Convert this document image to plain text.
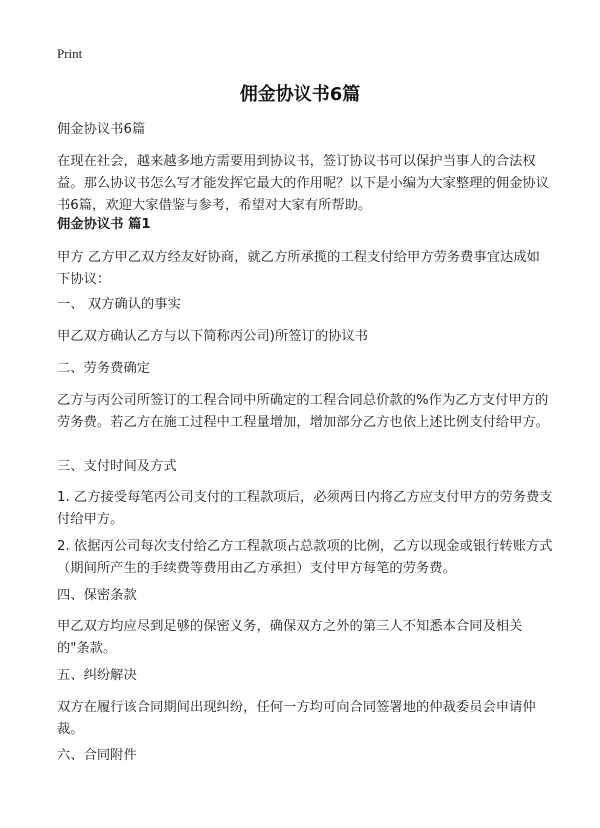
Print
佣金协议书6篇

佣金协议书6篇

在现在社会，越来越多地方需要用到协议书，签订协议书可以保护当事人的合法权益。那么协议书怎么写才能发挥它最大的作用呢？以下是小编为大家整理的佣金协议书6篇，欢迎大家借鉴与参考，希望对大家有所帮助。

佣金协议书 篇1

甲方 乙方甲乙双方经友好协商，就乙方所承揽的工程支付给甲方劳务费事宜达成如下协议：

一、 双方确认的事实

甲乙双方确认乙方与以下简称丙公司)所签订的协议书

二、劳务费确定

乙方与丙公司所签订的工程合同中所确定的工程合同总价款的%作为乙方支付甲方的劳务费。若乙方在施工过程中工程量增加，增加部分乙方也依上述比例支付给甲方。

三、支付时间及方式

1. 乙方接受每笔丙公司支付的工程款项后，必须两日内将乙方应支付甲方的劳务费支付给甲方。

2. 依据丙公司每次支付给乙方工程款项占总款项的比例，乙方以现金或银行转账方式（期间所产生的手续费等费用由乙方承担）支付甲方每笔的劳务费。

四、保密条款

甲乙双方均应尽到足够的保密义务，确保双方之外的第三人不知悉本合同及相关的"条款。

五、纠纷解决

双方在履行该合同期间出现纠纷，任何一方均可向合同签署地的仲裁委员会申请仲裁。

六、合同附件
